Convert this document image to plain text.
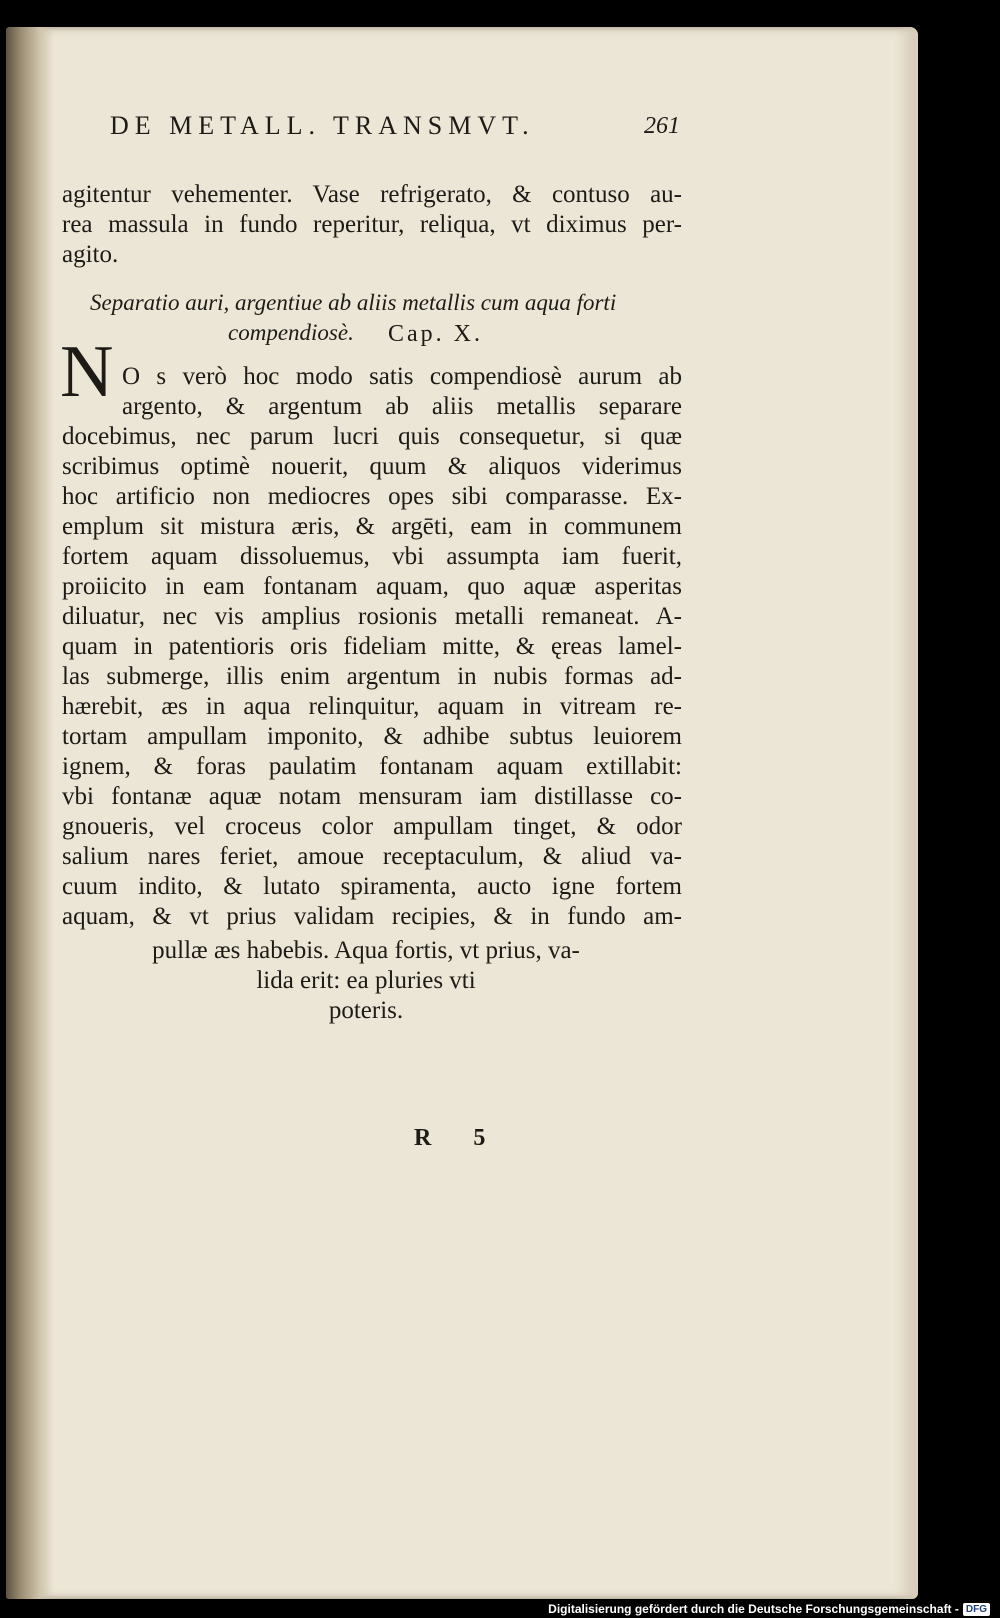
DE METALL. TRANSMVT.	261

agitentur vehementer. Vase refrigerato, & contuso au-

rea massula in fundo reperitur, reliqua, vt diximus per-

agito.

Separatio auri, argentiue ab aliis metallis cum aqua forti

compendiosè. Cap. X.

N O s verò hoc modo satis compendiosè aurum ab

argento, & argentum ab aliis metallis separare

docebimus, nec parum lucri quis consequetur, si quæ

scribimus optimè nouerit, quum & aliquos viderimus

hoc artificio non mediocres opes sibi comparasse. Ex-

emplum sit mistura æris, & argēti, eam in communem

fortem aquam dissoluemus, vbi assumpta iam fuerit,

proiicito in eam fontanam aquam, quo aquæ asperitas

diluatur, nec vis amplius rosionis metalli remaneat. A-

quam in patentioris oris fideliam mitte, & ęreas lamel-

las submerge, illis enim argentum in nubis formas ad-

hærebit, æs in aqua relinquitur, aquam in vitream re-

tortam ampullam imponito, & adhibe subtus leuiorem

ignem, & foras paulatim fontanam aquam extillabit:

vbi fontanæ aquæ notam mensuram iam distillasse co-

gnoueris, vel croceus color ampullam tinget, & odor

salium nares feriet, amoue receptaculum, & aliud va-

cuum indito, & lutato spiramenta, aucto igne fortem

aquam, & vt prius validam recipies, & in fundo am-

pullæ æs habebis. Aqua fortis, vt prius, va-

lida erit: ea pluries vti

poteris.

R 5
Digitalisierung gefördert durch die Deutsche Forschungsgemeinschaft - DFG
